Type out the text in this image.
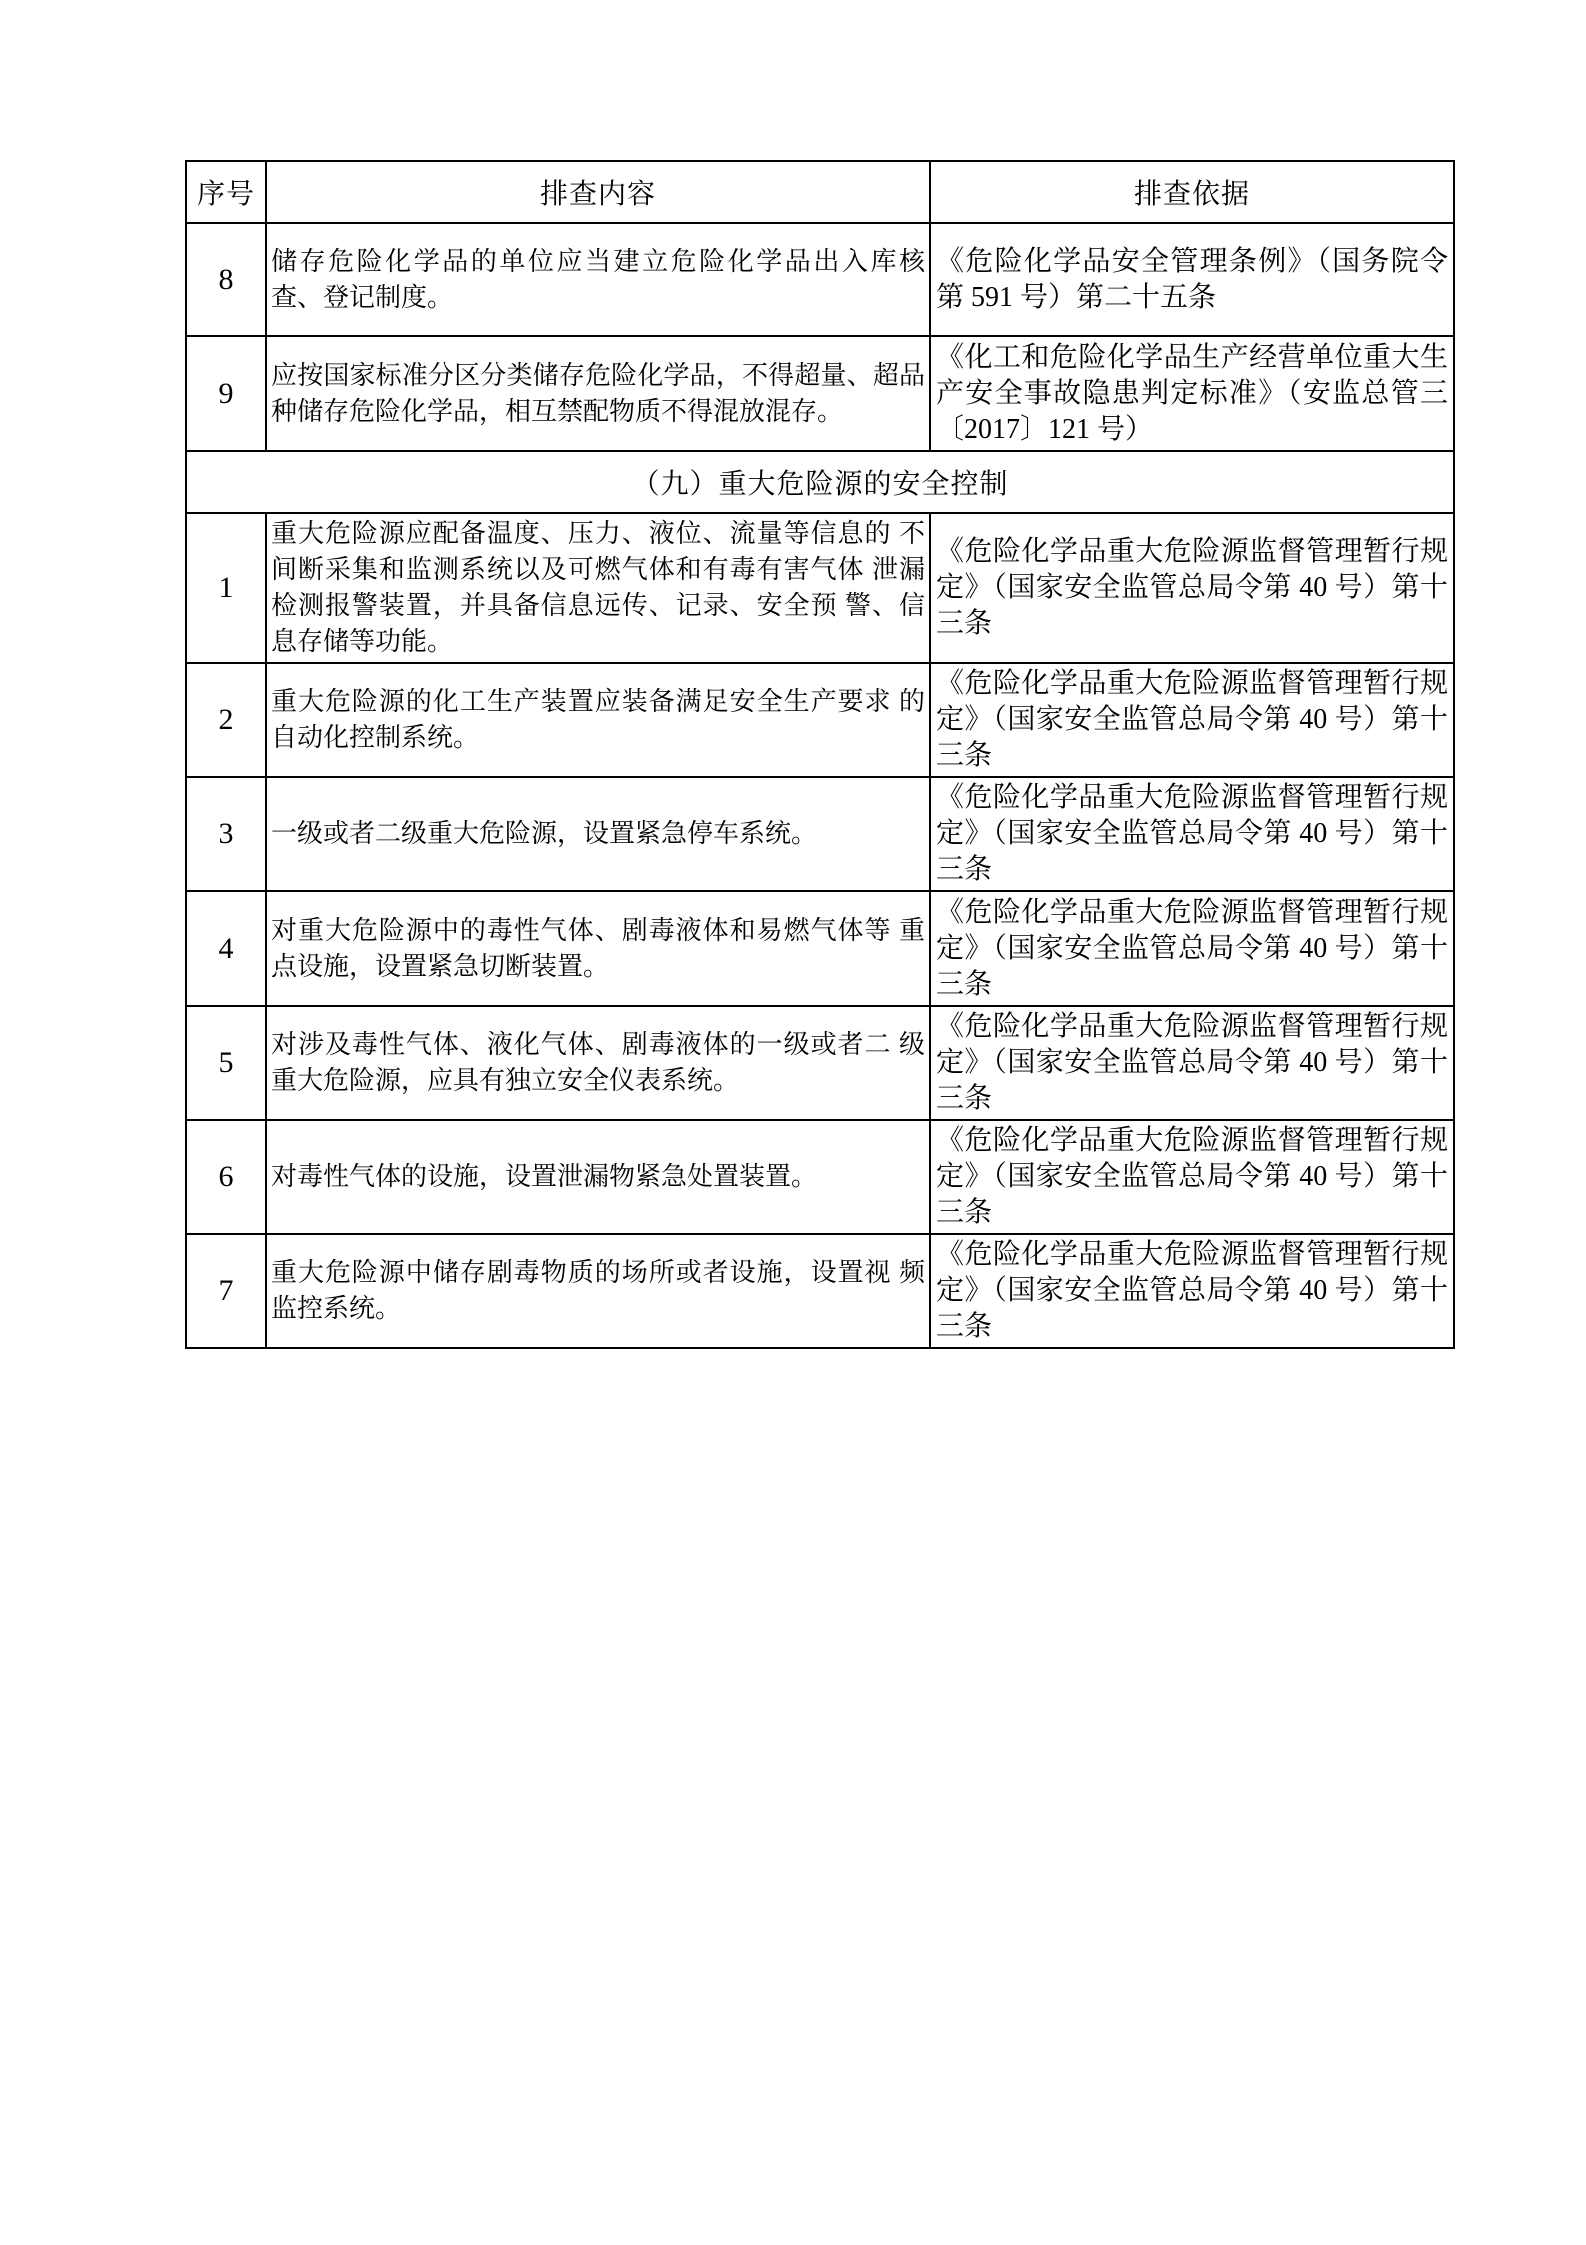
序号	排查内容	排查依据
8	储存危险化学品的单位应当建立危险化学品出入库核 查、登记制度。	《危险化学品安全管理条例》（国务院令 第 591 号）第二十五条
9	应按国家标准分区分类储存危险化学品，不得超量、超品种储存危险化学品，相互禁配物质不得混放混存。	《化工和危险化学品生产经营单位重大生产安全事故隐患判定标准》（安监总管三〔2017〕121 号）
（九）重大危险源的安全控制		
1	重大危险源应配备温度、压力、液位、流量等信息的 不间断采集和监测系统以及可燃气体和有毒有害气体 泄漏检测报警装置，并具备信息远传、记录、安全预 警、信息存储等功能。	《危险化学品重大危险源监督管理暂行规定》（国家安全监管总局令第 40 号）第十三条
2	重大危险源的化工生产装置应装备满足安全生产要求 的自动化控制系统。	《危险化学品重大危险源监督管理暂行规定》（国家安全监管总局令第 40 号）第十三条
3	一级或者二级重大危险源，设置紧急停车系统。	《危险化学品重大危险源监督管理暂行规定》（国家安全监管总局令第 40 号）第十三条
4	对重大危险源中的毒性气体、剧毒液体和易燃气体等 重点设施，设置紧急切断装置。	《危险化学品重大危险源监督管理暂行规定》（国家安全监管总局令第 40 号）第十三条
5	对涉及毒性气体、液化气体、剧毒液体的一级或者二 级重大危险源，应具有独立安全仪表系统。	《危险化学品重大危险源监督管理暂行规定》（国家安全监管总局令第 40 号）第十三条
6	对毒性气体的设施，设置泄漏物紧急处置装置。	《危险化学品重大危险源监督管理暂行规定》（国家安全监管总局令第 40 号）第十三条
7	重大危险源中储存剧毒物质的场所或者设施，设置视 频监控系统。	《危险化学品重大危险源监督管理暂行规定》（国家安全监管总局令第 40 号）第十三条
